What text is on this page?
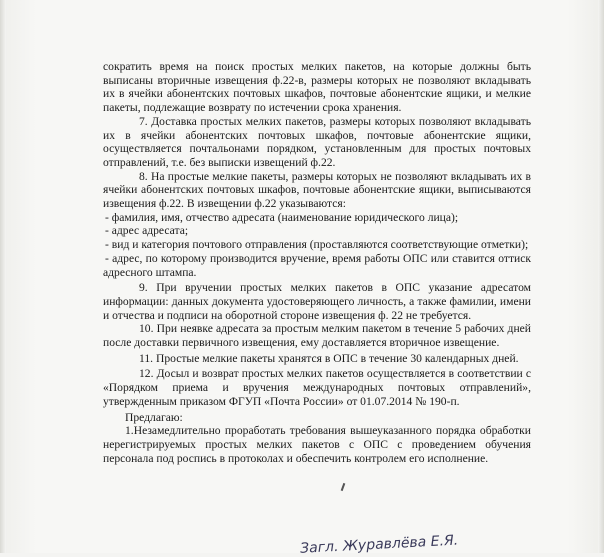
сократить время на поиск простых мелких пакетов, на которые должны быть выписаны вторичные извещения ф.22-в, размеры которых не позволяют вкладывать их в ячейки абонентских почтовых шкафов, почтовые абонентские ящики, и мелкие пакеты, подлежащие возврату по истечении срока хранения.

7. Доставка простых мелких пакетов, размеры которых позволяют вкладывать их в ячейки абонентских почтовых шкафов, почтовые абонентские ящики, осуществляется почтальонами порядком, установленным для простых почтовых отправлений, т.е. без выписки извещений ф.22.

8. На простые мелкие пакеты, размеры которых не позволяют вкладывать их в ячейки абонентских почтовых шкафов, почтовые абонентские ящики, выписываются извещения ф.22. В извещении ф.22 указываются:

- фамилия, имя, отчество адресата (наименование юридического лица);

- адрес адресата;

- вид и категория почтового отправления (проставляются соответствующие отметки);

- адрес, по которому производится вручение, время работы ОПС или ставится оттиск адресного штампа.

9. При вручении простых мелких пакетов в ОПС указание адресатом информации: данных документа удостоверяющего личность, а также фамилии, имени и отчества и подписи на оборотной стороне извещения ф. 22 не требуется.

10. При неявке адресата за простым мелким пакетом в течение 5 рабочих дней после доставки первичного извещения, ему доставляется вторичное извещение.

11. Простые мелкие пакеты хранятся в ОПС в течение 30 календарных дней.

12. Досыл и возврат простых мелких пакетов осуществляется в соответствии с «Порядком приема и вручения международных почтовых отправлений», утвержденным приказом ФГУП «Почта России» от 01.07.2014 № 190-п.

Предлагаю:

1.Незамедлительно проработать требования вышеуказанного порядка обработки нерегистрируемых простых мелких пакетов с ОПС с проведением обучения персонала под роспись в протоколах и обеспечить контролем его исполнение.

Загл. Журавлёва Е.Я.
